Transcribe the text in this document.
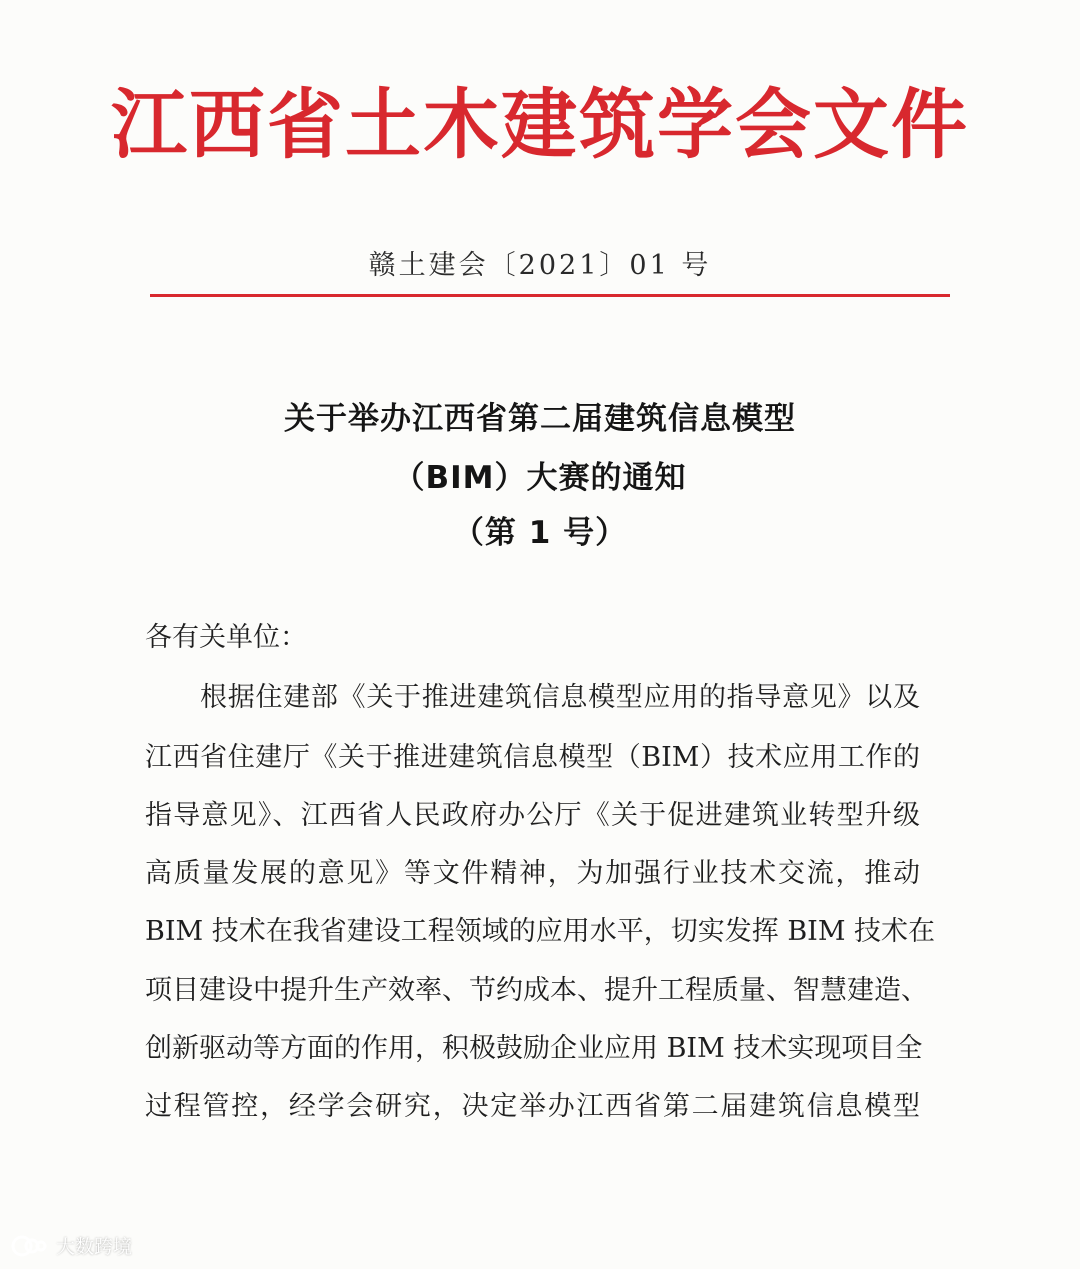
江西省土木建筑学会文件
赣土建会〔2021〕01 号
关于举办江西省第二届建筑信息模型
（BIM）大赛的通知
（第 1 号）
各有关单位：
根据住建部《关于推进建筑信息模型应用的指导意见》以及
江西省住建厅《关于推进建筑信息模型（BIM）技术应用工作的
指导意见》、江西省人民政府办公厅《关于促进建筑业转型升级
高质量发展的意见》等文件精神，为加强行业技术交流，推动
BIM 技术在我省建设工程领域的应用水平，切实发挥 BIM 技术在
项目建设中提升生产效率、节约成本、提升工程质量、智慧建造、
创新驱动等方面的作用，积极鼓励企业应用 BIM 技术实现项目全
过程管控，经学会研究，决定举办江西省第二届建筑信息模型
大数跨境
